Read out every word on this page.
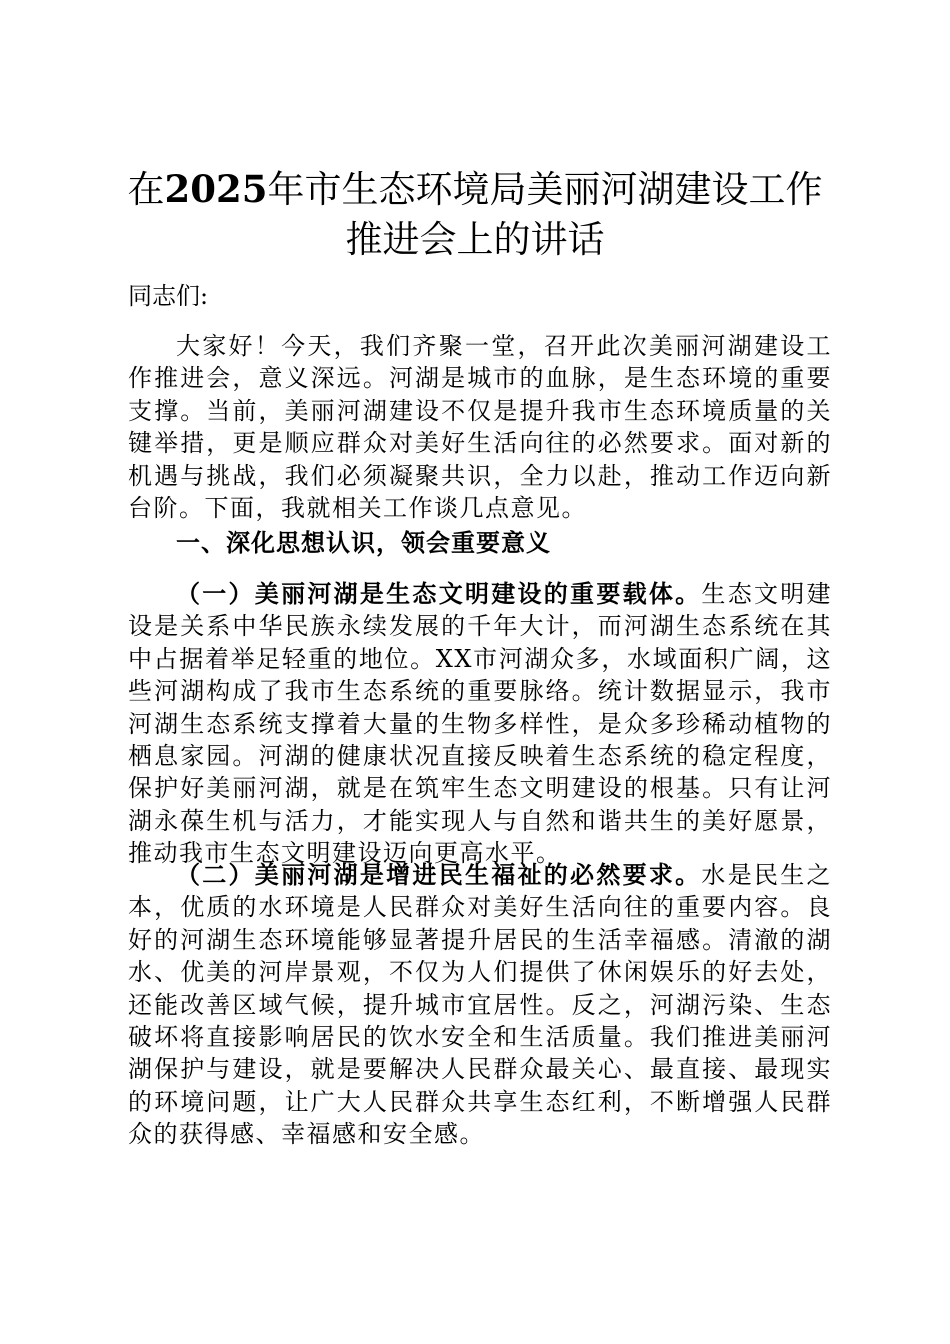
在2025年市生态环境局美丽河湖建设工作推进会上的讲话
同志们:
大家好！今天，我们齐聚一堂，召开此次美丽河湖建设工作推进会，意义深远。河湖是城市的血脉，是生态环境的重要支撑。当前，美丽河湖建设不仅是提升我市生态环境质量的关键举措，更是顺应群众对美好生活向往的必然要求。面对新的机遇与挑战，我们必须凝聚共识，全力以赴，推动工作迈向新台阶。下面，我就相关工作谈几点意见。
一、深化思想认识，领会重要意义
（一）美丽河湖是生态文明建设的重要载体。生态文明建设是关系中华民族永续发展的千年大计，而河湖生态系统在其中占据着举足轻重的地位。XX市河湖众多，水域面积广阔，这些河湖构成了我市生态系统的重要脉络。统计数据显示，我市河湖生态系统支撑着大量的生物多样性，是众多珍稀动植物的栖息家园。河湖的健康状况直接反映着生态系统的稳定程度，保护好美丽河湖，就是在筑牢生态文明建设的根基。只有让河湖永葆生机与活力，才能实现人与自然和谐共生的美好愿景，推动我市生态文明建设迈向更高水平。
（二）美丽河湖是增进民生福祉的必然要求。水是民生之本，优质的水环境是人民群众对美好生活向往的重要内容。良好的河湖生态环境能够显著提升居民的生活幸福感。清澈的湖水、优美的河岸景观，不仅为人们提供了休闲娱乐的好去处，还能改善区域气候，提升城市宜居性。反之，河湖污染、生态破坏将直接影响居民的饮水安全和生活质量。我们推进美丽河湖保护与建设，就是要解决人民群众最关心、最直接、最现实的环境问题，让广大人民群众共享生态红利，不断增强人民群众的获得感、幸福感和安全感。
